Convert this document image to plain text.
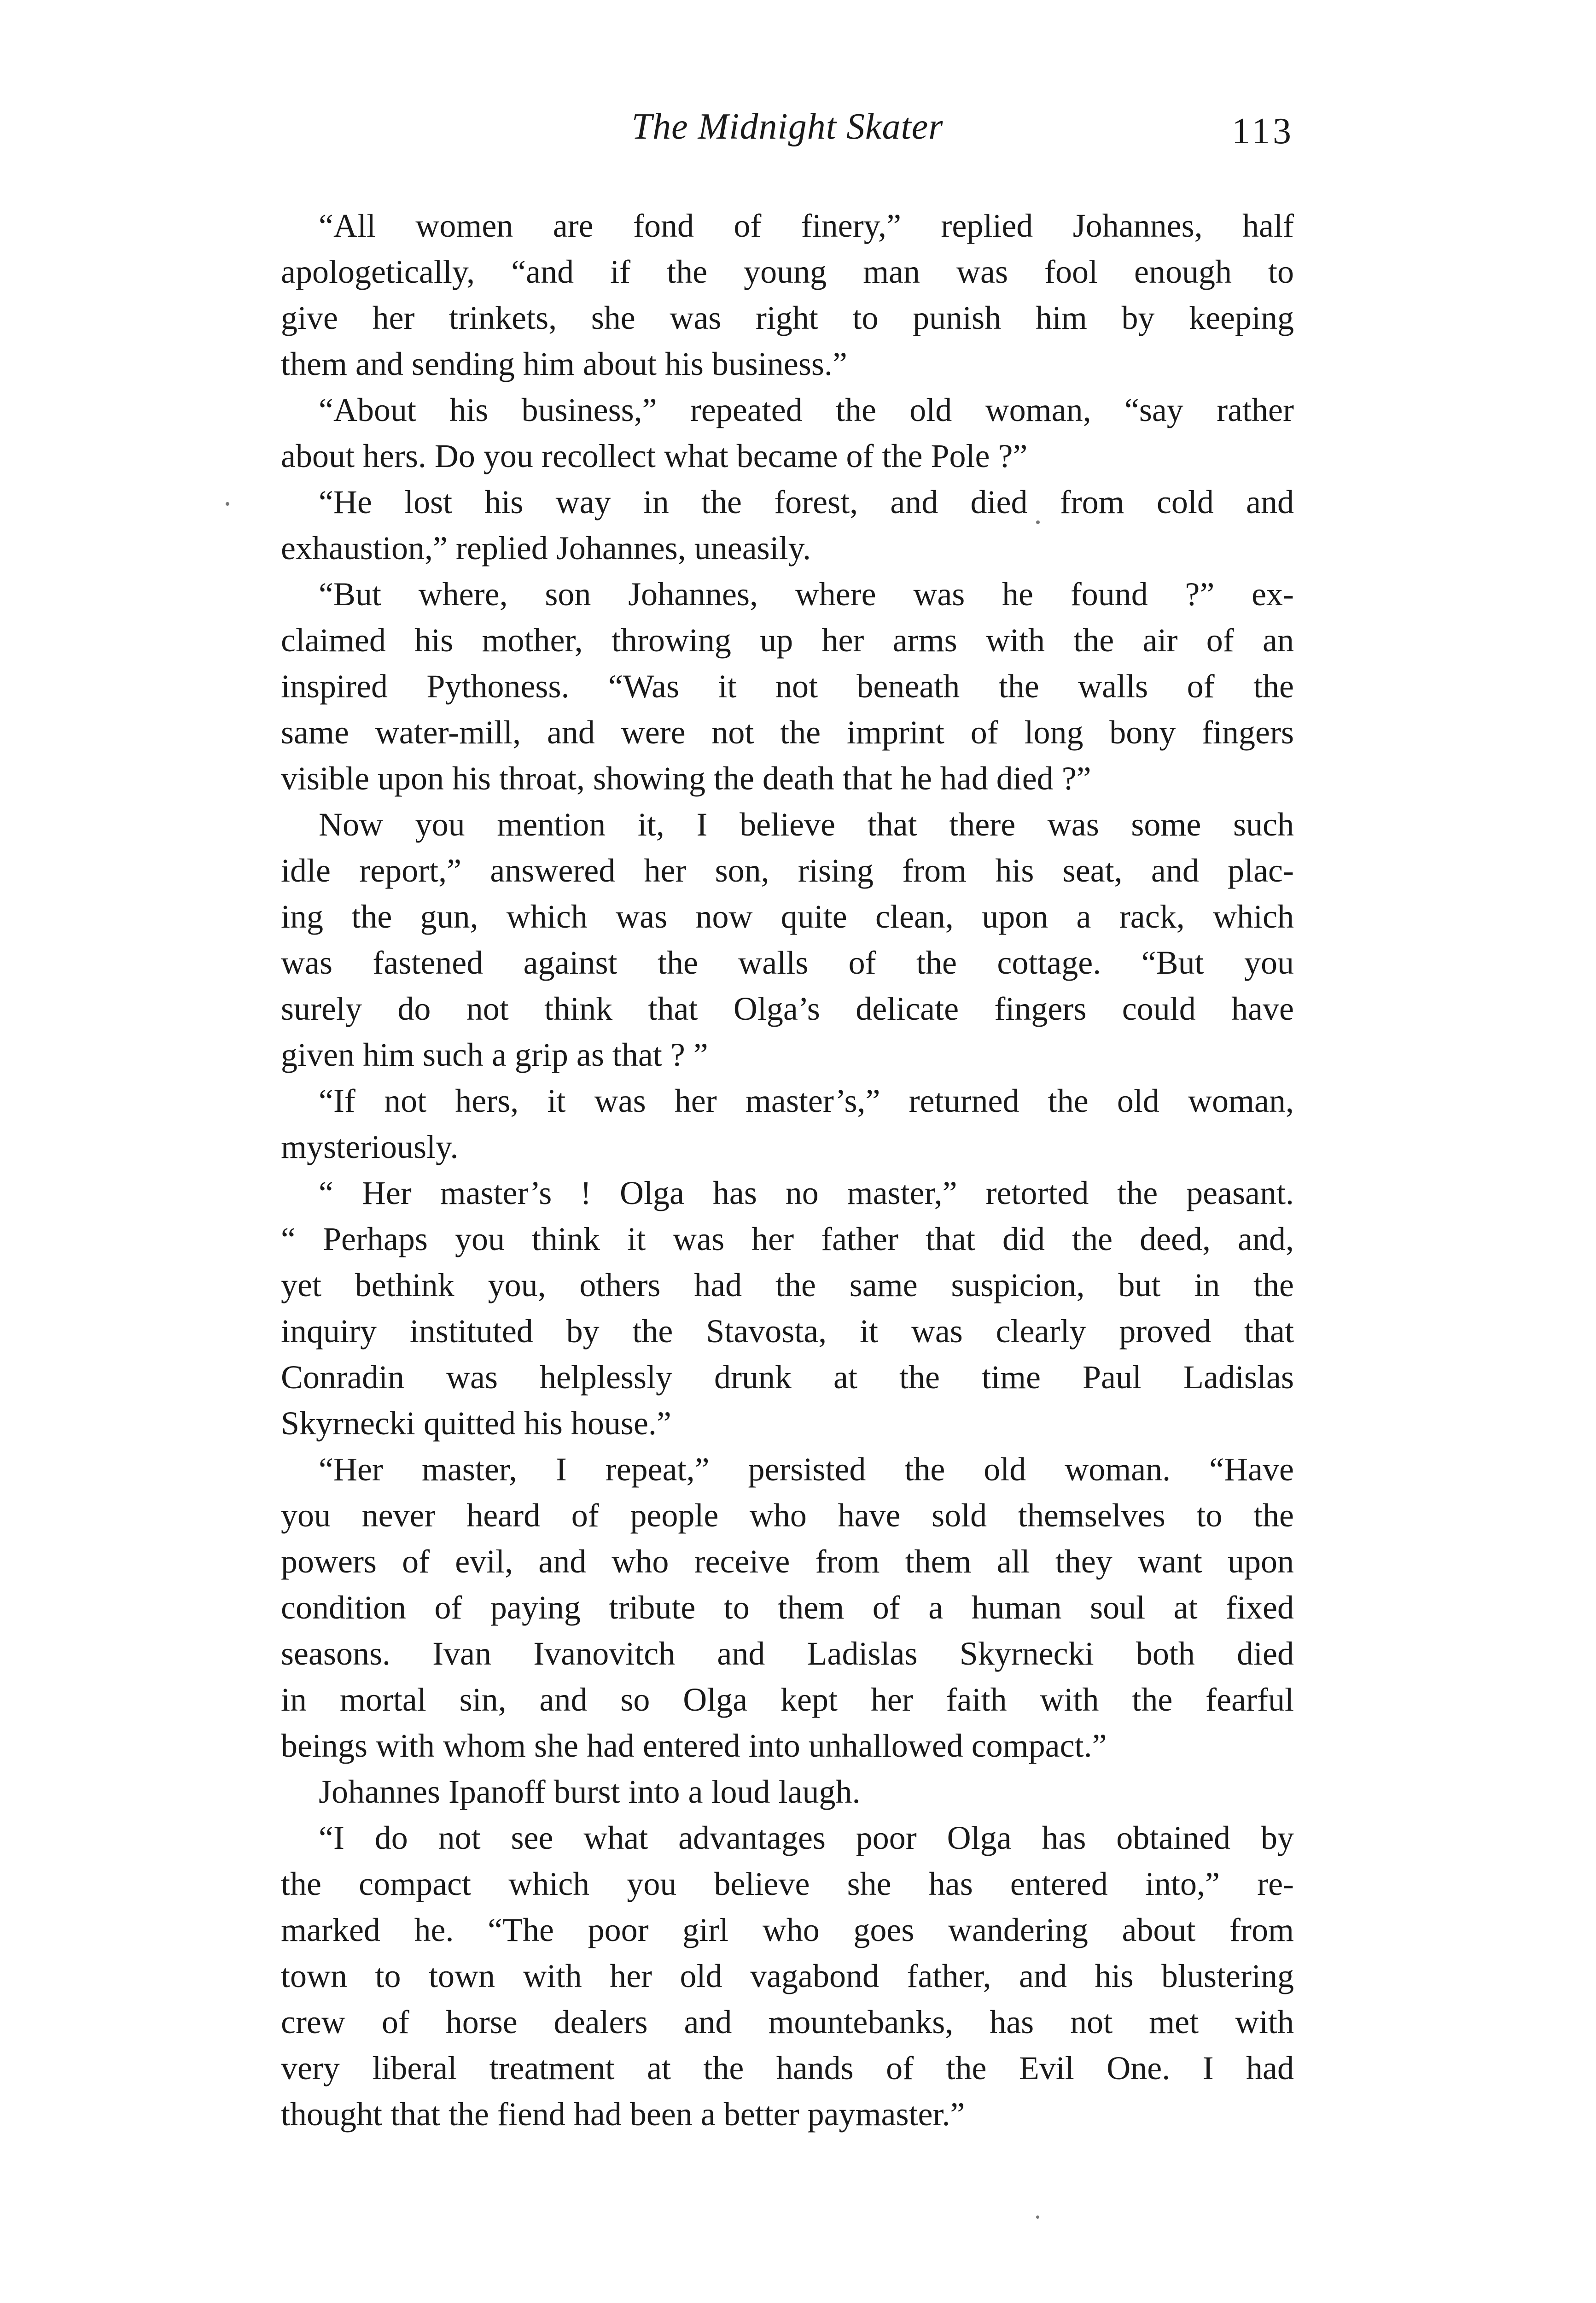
The Midnight Skater	113
“All women are fond of finery,” replied Johannes, half
apologetically, “and if the young man was fool enough to
give her trinkets, she was right to punish him by keeping
them and sending him about his business.”
“About his business,” repeated the old woman, “say rather
about hers. Do you recollect what became of the Pole ?”
“He lost his way in the forest, and died from cold and
exhaustion,” replied Johannes, uneasily.
“But where, son Johannes, where was he found ?” ex-
claimed his mother, throwing up her arms with the air of an
inspired Pythoness. “Was it not beneath the walls of the
same water-mill, and were not the imprint of long bony fingers
visible upon his throat, showing the death that he had died ?”
Now you mention it, I believe that there was some such
idle report,” answered her son, rising from his seat, and plac-
ing the gun, which was now quite clean, upon a rack, which
was fastened against the walls of the cottage. “But you
surely do not think that Olga’s delicate fingers could have
given him such a grip as that ? ”
“If not hers, it was her master’s,” returned the old woman,
mysteriously.
“ Her master’s ! Olga has no master,” retorted the peasant.
“ Perhaps you think it was her father that did the deed, and,
yet bethink you, others had the same suspicion, but in the
inquiry instituted by the Stavosta, it was clearly proved that
Conradin was helplessly drunk at the time Paul Ladislas
Skyrnecki quitted his house.”
“Her master, I repeat,” persisted the old woman. “Have
you never heard of people who have sold themselves to the
powers of evil, and who receive from them all they want upon
condition of paying tribute to them of a human soul at fixed
seasons. Ivan Ivanovitch and Ladislas Skyrnecki both died
in mortal sin, and so Olga kept her faith with the fearful
beings with whom she had entered into unhallowed compact.”
Johannes Ipanoff burst into a loud laugh.
“I do not see what advantages poor Olga has obtained by
the compact which you believe she has entered into,” re-
marked he. “The poor girl who goes wandering about from
town to town with her old vagabond father, and his blustering
crew of horse dealers and mountebanks, has not met with
very liberal treatment at the hands of the Evil One. I had
thought that the fiend had been a better paymaster.”
